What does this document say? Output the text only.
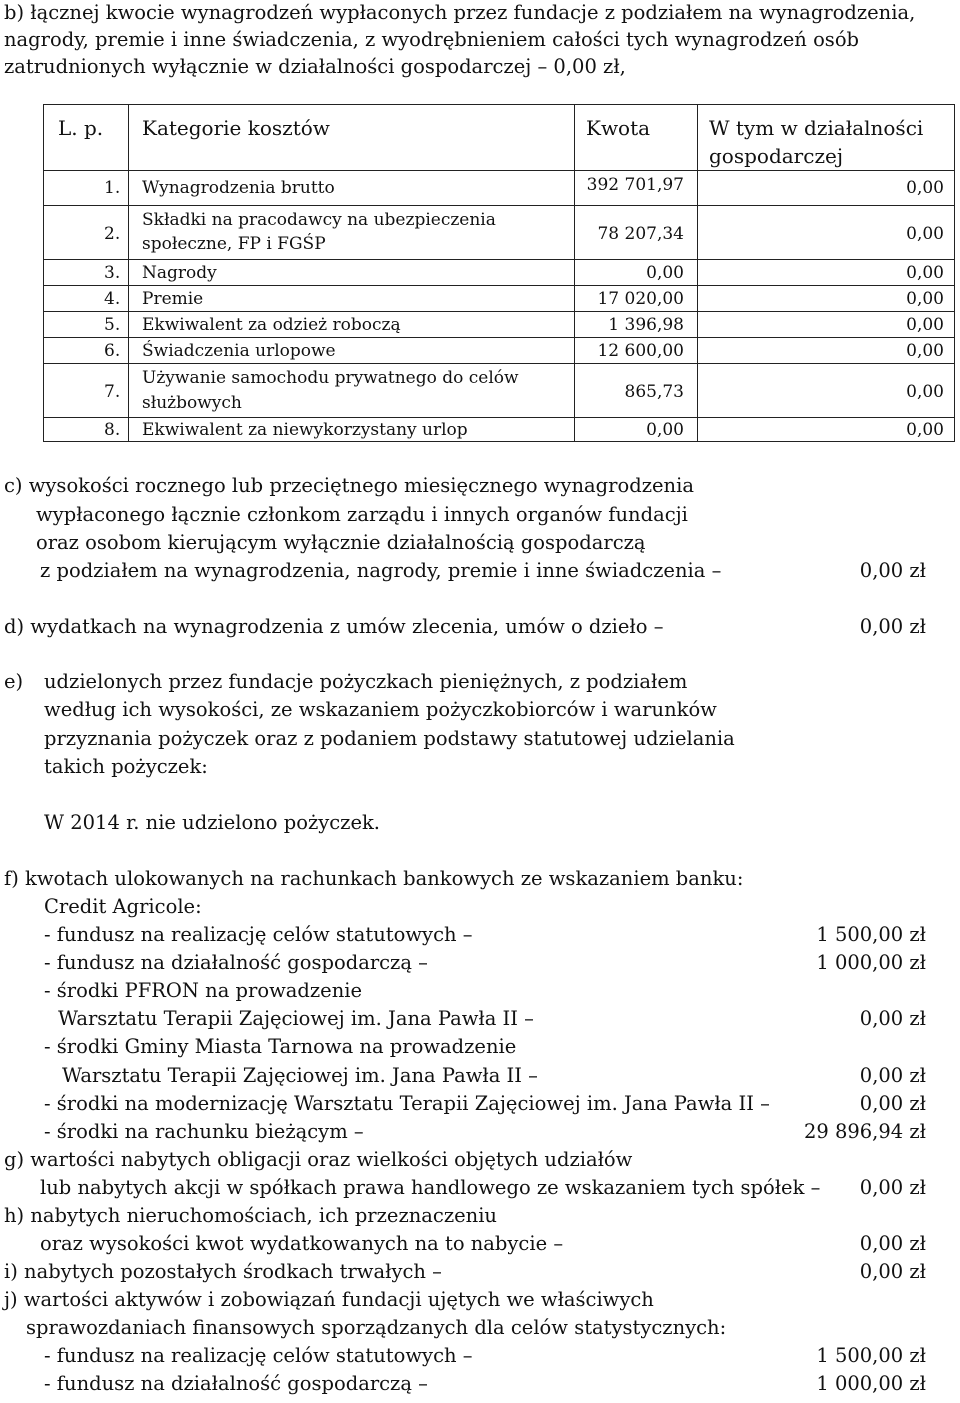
b) łącznej kwocie wynagrodzeń wypłaconych przez fundacje z podziałem na wynagrodzenia,
nagrody, premie i inne świadczenia, z wyodrębnieniem całości tych wynagrodzeń osób
zatrudnionych wyłącznie w działalności gospodarczej – 0,00 zł,
L. p. Kategorie kosztów	Kwota	W tym w działalności
gospodarczej
1. Wynagrodzenia brutto	392 701,97	0,00
2.
Składki na pracodawcy na ubezpieczenia
społeczne, FP i FGŚP	78 207,34	0,00
3. Nagrody	0,00	0,00
4. Premie	17 020,00	0,00
5. Ekwiwalent za odzież roboczą	1 396,98	0,00
6. Świadczenia urlopowe	12 600,00	0,00
7.
Używanie samochodu prywatnego do celów
służbowych
865,73	0,00
8. Ekwiwalent za niewykorzystany urlop	0,00	0,00
c) wysokości rocznego lub przeciętnego miesięcznego wynagrodzenia
wypłaconego łącznie członkom zarządu i innych organów fundacji
oraz osobom kierującym wyłącznie działalnością gospodarczą
z podziałem na wynagrodzenia, nagrody, premie i inne świadczenia –	0,00 zł
d) wydatkach na wynagrodzenia z umów zlecenia, umów o dzieło –	0,00 zł
e) udzielonych przez fundacje pożyczkach pieniężnych, z podziałem
według ich wysokości, ze wskazaniem pożyczkobiorców i warunków
przyznania pożyczek oraz z podaniem podstawy statutowej udzielania
takich pożyczek:
W 2014 r. nie udzielono pożyczek.
f) kwotach ulokowanych na rachunkach bankowych ze wskazaniem banku:
Credit Agricole:
- fundusz na realizację celów statutowych –	1 500,00 zł
- fundusz na działalność gospodarczą –	1 000,00 zł
- środki PFRON na prowadzenie
Warsztatu Terapii Zajęciowej im. Jana Pawła II –	0,00 zł
- środki Gminy Miasta Tarnowa na prowadzenie
Warsztatu Terapii Zajęciowej im. Jana Pawła II –	0,00 zł
- środki na modernizację Warsztatu Terapii Zajęciowej im. Jana Pawła II –	0,00 zł
- środki na rachunku bieżącym –	29 896,94 zł
g) wartości nabytych obligacji oraz wielkości objętych udziałów
lub nabytych akcji w spółkach prawa handlowego ze wskazaniem tych spółek – 0,00 zł
h) nabytych nieruchomościach, ich przeznaczeniu
oraz wysokości kwot wydatkowanych na to nabycie –	0,00 zł
i) nabytych pozostałych środkach trwałych –	0,00 zł
j) wartości aktywów i zobowiązań fundacji ujętych we właściwych
sprawozdaniach finansowych sporządzanych dla celów statystycznych:
- fundusz na realizację celów statutowych –	1 500,00 zł
- fundusz na działalność gospodarczą –	1 000,00 zł
